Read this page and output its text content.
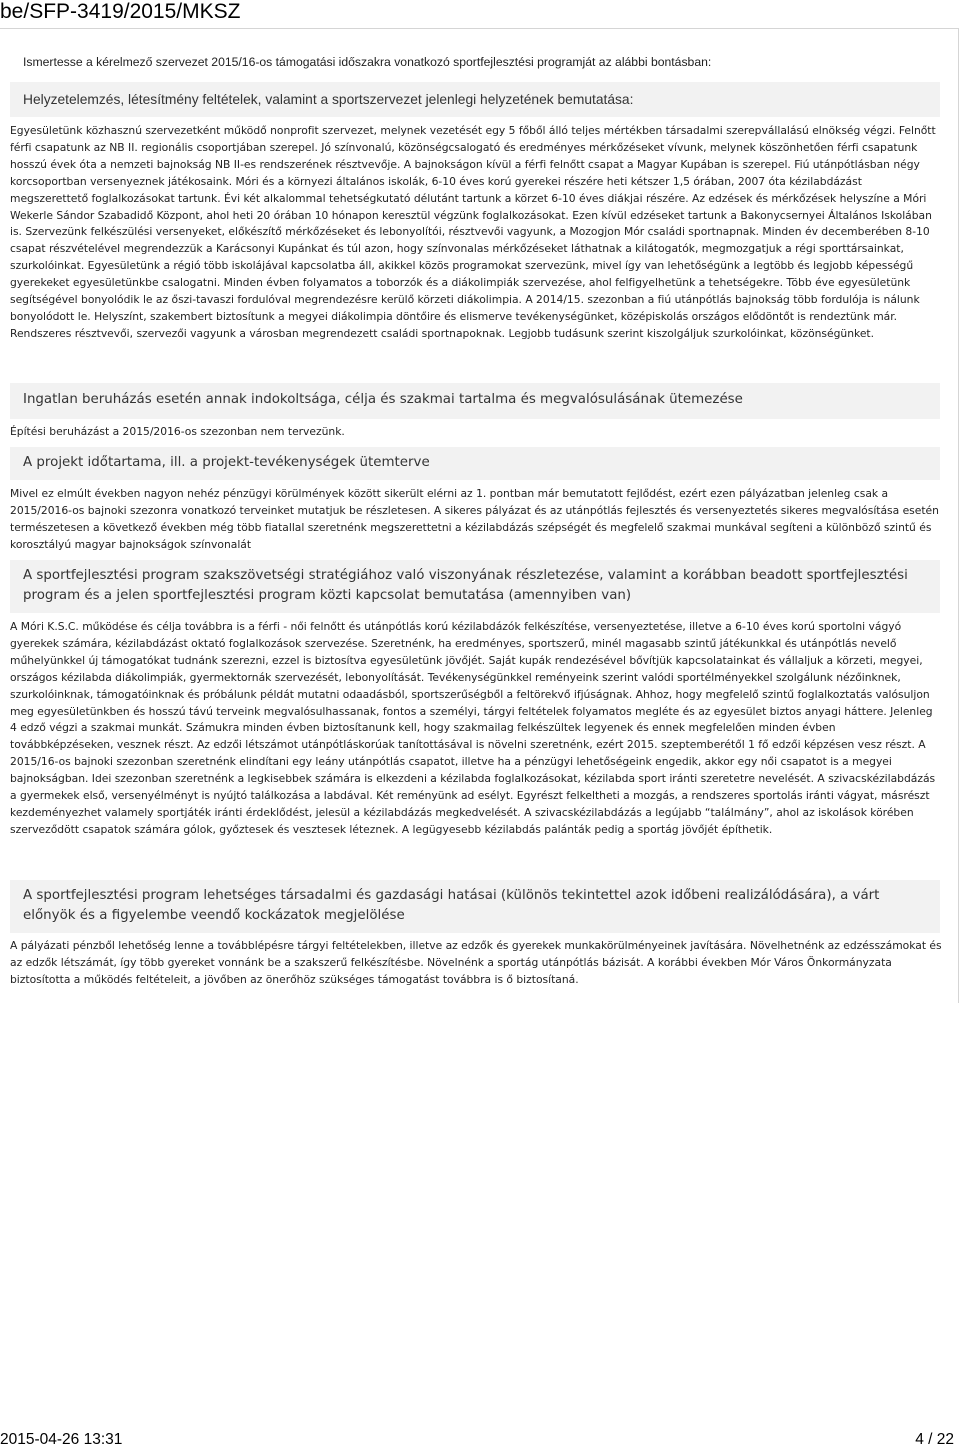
be/SFP-3419/2015/MKSZ
Ismertesse a kérelmező szervezet 2015/16-os támogatási időszakra vonatkozó sportfejlesztési programját az alábbi bontásban:
Helyzetelemzés, létesítmény feltételek, valamint a sportszervezet jelenlegi helyzetének bemutatása:

Egyesületünk közhasznú szervezetként működő nonprofit szervezet, melynek vezetését egy 5 főből álló teljes mértékben társadalmi szerepvállalású elnökség végzi. Felnőtt férfi csapatunk az NB II. regionális csoportjában szerepel. Jó színvonalú, közönségcsalogató és eredményes mérkőzéseket vívunk, melynek köszönhetően férfi csapatunk hosszú évek óta a nemzeti bajnokság NB II-es rendszerének résztvevője. A bajnokságon kívül a férfi felnőtt csapat a Magyar Kupában is szerepel. Fiú utánpótlásban négy korcsoportban versenyeznek játékosaink. Móri és a környezi általános iskolák, 6-10 éves korú gyerekei részére heti kétszer 1,5 órában, 2007 óta kézilabdázást megszerettető foglalkozásokat tartunk. Évi két alkalommal tehetségkutató délutánt tartunk a körzet 6-10 éves diákjai részére. Az edzések és mérkőzések helyszíne a Móri Wekerle Sándor Szabadidő Központ, ahol heti 20 órában 10 hónapon keresztül végzünk foglalkozásokat. Ezen kívül edzéseket tartunk a Bakonycsernyei Általános Iskolában is. Szervezünk felkészülési versenyeket, előkészítő mérkőzéseket és lebonyolítói, résztvevői vagyunk, a Mozogjon Mór családi sportnapnak. Minden év decemberében 8-10 csapat részvételével megrendezzük a Karácsonyi Kupánkat és túl azon, hogy színvonalas mérkőzéseket láthatnak a kilátogatók, megmozgatjuk a régi sporttársainkat, szurkolóinkat. Egyesületünk a régió több iskolájával kapcsolatba áll, akikkel közös programokat szervezünk, mivel így van lehetőségünk a legtöbb és legjobb képességű gyerekeket egyesületünkbe csalogatni. Minden évben folyamatos a toborzók és a diákolimpiák szervezése, ahol felfigyelhetünk a tehetségekre. Több éve egyesületünk segítségével bonyolódik le az őszi-tavaszi fordulóval megrendezésre kerülő körzeti diákolimpia. A 2014/15. szezonban a fiú utánpótlás bajnokság több fordulója is nálunk bonyolódott le. Helyszínt, szakembert biztosítunk a megyei diákolimpia döntőire és elismerve tevékenységünket, középiskolás országos elődöntőt is rendeztünk már. Rendszeres résztvevői, szervezői vagyunk a városban megrendezett családi sportnapoknak. Legjobb tudásunk szerint kiszolgáljuk szurkolóinkat, közönségünket.

Ingatlan beruházás esetén annak indokoltsága, célja és szakmai tartalma és megvalósulásának ütemezése

Építési beruházást a 2015/2016-os szezonban nem tervezünk.

A projekt időtartama, ill. a projekt-tevékenységek ütemterve

Mivel ez elmúlt években nagyon nehéz pénzügyi körülmények között sikerült elérni az 1. pontban már bemutatott fejlődést, ezért ezen pályázatban jelenleg csak a 2015/2016-os bajnoki szezonra vonatkozó terveinket mutatjuk be részletesen. A sikeres pályázat és az utánpótlás fejlesztés és versenyeztetés sikeres megvalósítása esetén természetesen a következő években még több fiatallal szeretnénk megszerettetni a kézilabdázás szépségét és megfelelő szakmai munkával segíteni a különböző szintű és korosztályú magyar bajnokságok színvonalát

A sportfejlesztési program szakszövetségi stratégiához való viszonyának részletezése, valamint a korábban beadott sportfejlesztési program és a jelen sportfejlesztési program közti kapcsolat bemutatása (amennyiben van)

A Móri K.S.C. működése és célja továbbra is a férfi - női felnőtt és utánpótlás korú kézilabdázók felkészítése, versenyeztetése, illetve a 6-10 éves korú sportolni vágyó gyerekek számára, kézilabdázást oktató foglalkozások szervezése. Szeretnénk, ha eredményes, sportszerű, minél magasabb szintű játékunkkal és utánpótlás nevelő műhelyünkkel új támogatókat tudnánk szerezni, ezzel is biztosítva egyesületünk jövőjét. Saját kupák rendezésével bővítjük kapcsolatainkat és vállaljuk a körzeti, megyei, országos kézilabda diákolimpiák, gyermektornák szervezését, lebonyolítását. Tevékenységünkkel reményeink szerint valódi sportélményekkel szolgálunk nézőinknek, szurkolóinknak, támogatóinknak és próbálunk példát mutatni odaadásból, sportszerűségből a feltörekvő ifjúságnak. Ahhoz, hogy megfelelő szintű foglalkoztatás valósuljon meg egyesületünkben és hosszú távú terveink megvalósulhassanak, fontos a személyi, tárgyi feltételek folyamatos megléte és az egyesület biztos anyagi háttere. Jelenleg 4 edző végzi a szakmai munkát. Számukra minden évben biztosítanunk kell, hogy szakmailag felkészültek legyenek és ennek megfelelően minden évben továbbképzéseken, vesznek részt. Az edzői létszámot utánpótláskorúak tanítottásával is növelni szeretnénk, ezért 2015. szeptemberétől 1 fő edzői képzésen vesz részt. A 2015/16-os bajnoki szezonban szeretnénk elindítani egy leány utánpótlás csapatot, illetve ha a pénzügyi lehetőségeink engedik, akkor egy női csapatot is a megyei bajnokságban. Idei szezonban szeretnénk a legkisebbek számára is elkezdeni a kézilabda foglalkozásokat, kézilabda sport iránti szeretetre nevelését. A szivacskézilabdázás a gyermekek első, versenyélményt is nyújtó találkozása a labdával. Két reményünk ad esélyt. Egyrészt felkeltheti a mozgás, a rendszeres sportolás iránti vágyat, másrészt kezdeményezhet valamely sportjáték iránti érdeklődést, jelesül a kézilabdázás megkedvelését. A szivacskézilabdázás a legújabb “találmány”, ahol az iskolások körében szerveződött csapatok számára gólok, győztesek és vesztesek léteznek. A legügyesebb kézilabdás palánták pedig a sportág jövőjét építhetik.

A sportfejlesztési program lehetséges társadalmi és gazdasági hatásai (különös tekintettel azok időbeni realizálódására), a várt előnyök és a figyelembe veendő kockázatok megjelölése

A pályázati pénzből lehetőség lenne a továbblépésre tárgyi feltételekben, illetve az edzők és gyerekek munkakörülményeinek javítására. Növelhetnénk az edzésszámokat és az edzők létszámát, így több gyereket vonnánk be a szakszerű felkészítésbe. Növelnénk a sportág utánpótlás bázisát. A korábbi években Mór Város Önkormányzata biztosította a működés feltételeit, a jövőben az önerőhöz szükséges támogatást továbbra is ő biztosítaná.

2015-04-26 13:31	4 / 22
